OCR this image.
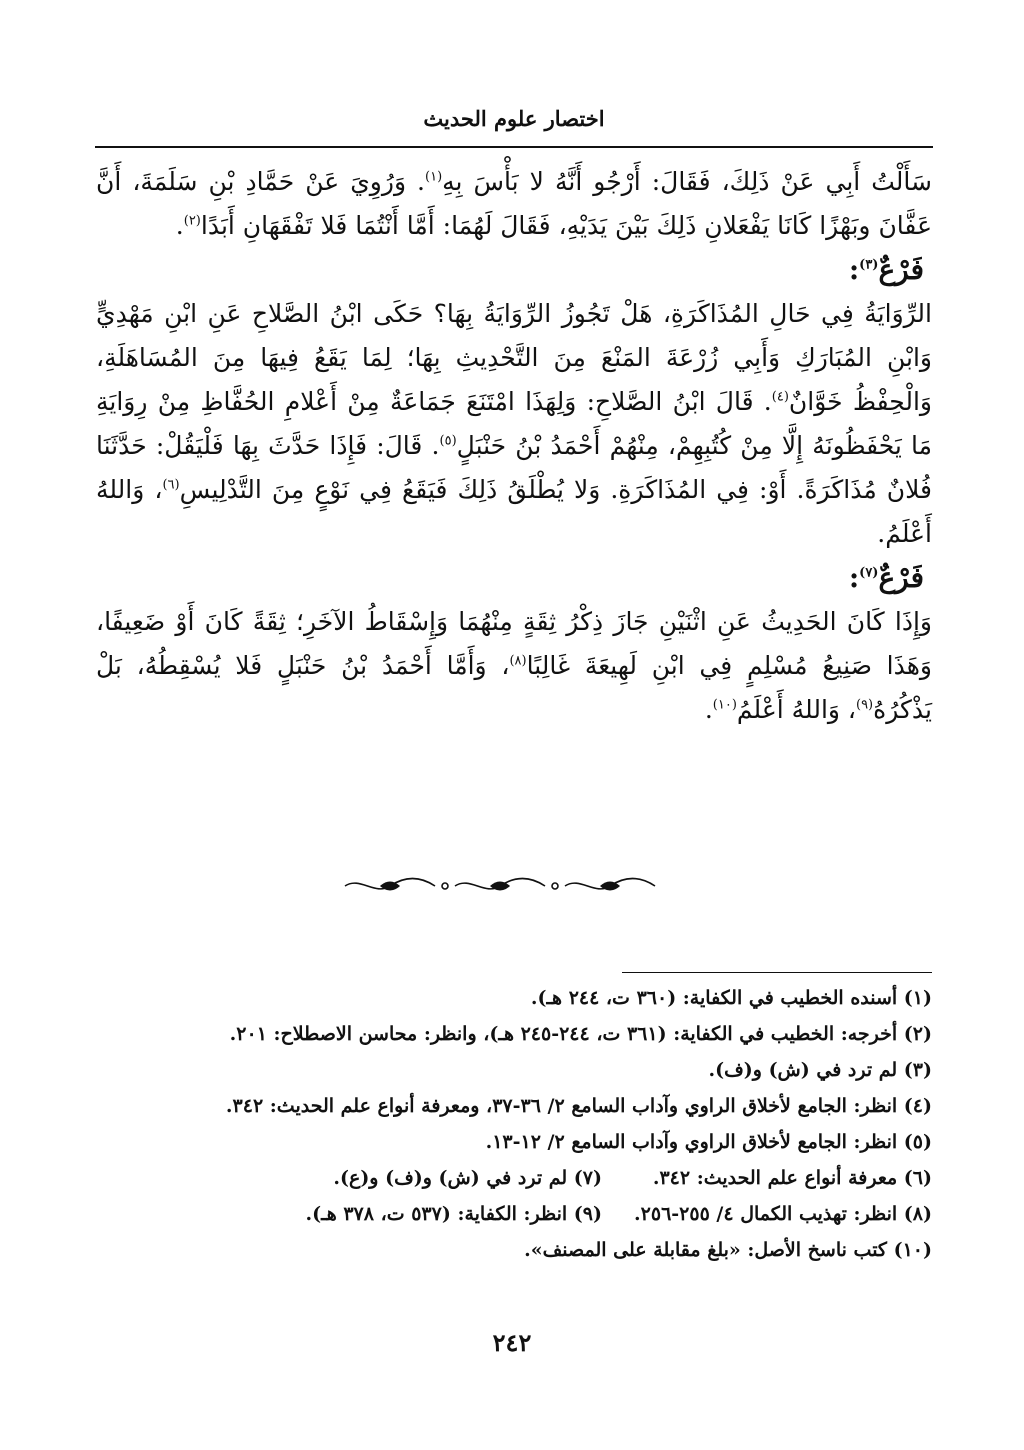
اختصار علوم الحديث

سَأَلْتُ أَبِي عَنْ ذَلِكَ، فَقَالَ: أَرْجُو أَنَّهُ لا بَأْسَ بِهِ$^{(١)}$. وَرُوِيَ عَنْ حَمَّادِ بْنِ سَلَمَةَ، أَنَّ عَفَّانَ وبَهْزًا كَانَا يَفْعَلانِ ذَلِكَ بَيْنَ يَدَيْهِ، فَقَالَ لَهُمَا: أَمَّا أَنْتُمَا فَلا تَفْقَهَانِ أَبَدًا$^{(٢)}$.

فَرْعٌ$^{(٣)}$:

الرِّوَايَةُ فِي حَالِ المُذَاكَرَةِ، هَلْ تَجُوزُ الرِّوَايَةُ بِهَا؟ حَكَى ابْنُ الصَّلاحِ عَنِ ابْنِ مَهْدِيٍّ وَابْنِ المُبَارَكِ وَأَبِي زُرْعَةَ المَنْعَ مِنَ التَّحْدِيثِ بِهَا؛ لِمَا يَقَعُ فِيهَا مِنَ المُسَاهَلَةِ، وَالْحِفْظُ خَوَّانٌ$^{(٤)}$. قَالَ ابْنُ الصَّلاحِ: وَلِهَذَا امْتَنَعَ جَمَاعَةٌ مِنْ أَعْلامِ الحُفَّاظِ مِنْ رِوَايَةِ مَا يَحْفَظُونَهُ إِلَّا مِنْ كُتُبِهِمْ، مِنْهُمْ أَحْمَدُ بْنُ حَنْبَلٍ$^{(٥)}$. قَالَ: فَإِذَا حَدَّثَ بِهَا فَلْيَقُلْ: حَدَّثَنَا فُلانٌ مُذَاكَرَةً. أَوْ: فِي المُذَاكَرَةِ. وَلا يُطْلَقُ ذَلِكَ فَيَقَعُ فِي نَوْعٍ مِنَ التَّدْلِيسِ$^{(٦)}$، وَاللهُ أَعْلَمُ.

فَرْعٌ$^{(٧)}$:

وَإِذَا كَانَ الحَدِيثُ عَنِ اثْنَيْنِ جَازَ ذِكْرُ ثِقَةٍ مِنْهُمَا وَإِسْقَاطُ الآخَرِ؛ ثِقَةً كَانَ أَوْ ضَعِيفًا، وَهَذَا صَنِيعُ مُسْلِمٍ فِي ابْنِ لَهِيعَةَ غَالِبًا$^{(٨)}$، وَأَمَّا أَحْمَدُ بْنُ حَنْبَلٍ فَلا يُسْقِطُهُ، بَلْ يَذْكُرُهُ$^{(٩)}$، وَاللهُ أَعْلَمُ$^{(١٠)}$.

(١) أسنده الخطيب في الكفاية: (٣٦٠ ت، ٢٤٤ هـ).
(٢) أخرجه: الخطيب في الكفاية: (٣٦١ ت، ٢٤٤-٢٤٥ هـ)، وانظر: محاسن الاصطلاح: ٢٠١.
(٣) لم ترد في (ش) و(ف).
(٤) انظر: الجامع لأخلاق الراوي وآداب السامع ٢/ ٣٦-٣٧، ومعرفة أنواع علم الحديث: ٣٤٢.
(٥) انظر: الجامع لأخلاق الراوي وآداب السامع ٢/ ١٢-١٣.
(٦) معرفة أنواع علم الحديث: ٣٤٢.
(٧) لم ترد في (ش) و(ف) و(ع).
(٨) انظر: تهذيب الكمال ٤/ ٢٥٥-٢٥٦.
(٩) انظر: الكفاية: (٥٣٧ ت، ٣٧٨ هـ).
(١٠) كتب ناسخ الأصل: «بلغ مقابلة على المصنف».
٢٤٢
